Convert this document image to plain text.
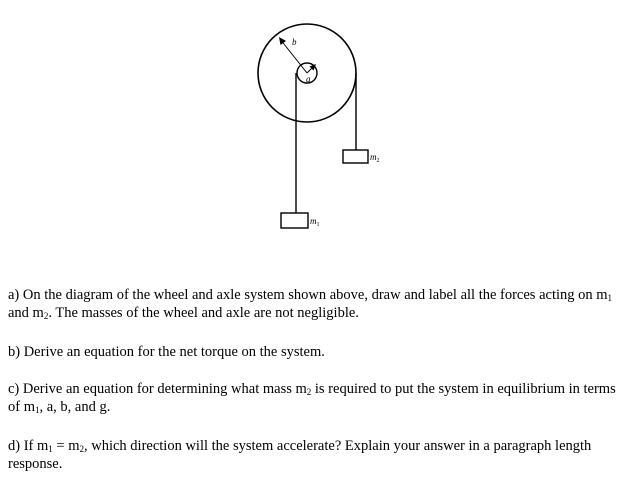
b
a
$m_1$
$m_2$

a) On the diagram of the wheel and axle system shown above, draw and label all the forces acting on $m_1$ and $m_2$. The masses of the wheel and axle are not negligible.

b) Derive an equation for the net torque on the system.

c) Derive an equation for determining what mass $m_2$ is required to put the system in equilibrium in terms of $m_1$, a, b, and g.

d) If $m_1 = m_2$, which direction will the system accelerate? Explain your answer in a paragraph length response.
